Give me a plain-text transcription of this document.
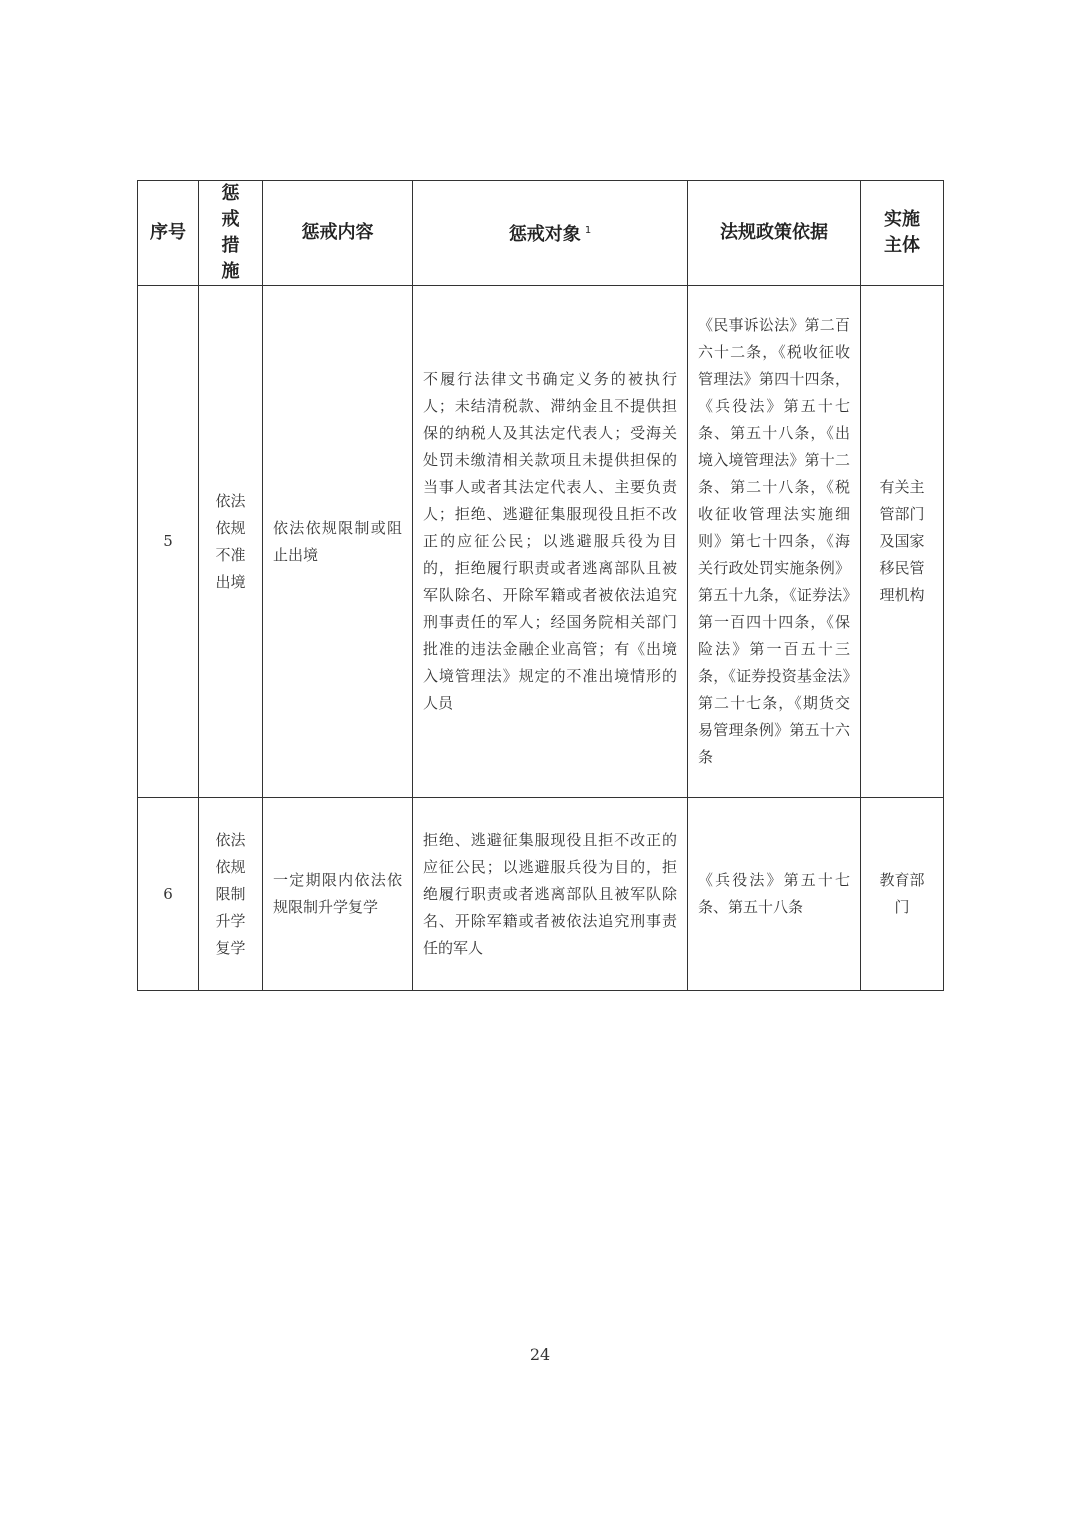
序号	惩戒措施	惩戒内容	惩戒对象 $^1$	法规政策依据	实施主体
5	依法依规不准出境	依法依规限制或阻止出境	不履行法律文书确定义务的被执行人；未结清税款、滞纳金且不提供担保的纳税人及其法定代表人；受海关处罚未缴清相关款项且未提供担保的当事人或者其法定代表人、主要负责人；拒绝、逃避征集服现役且拒不改正的应征公民；以逃避服兵役为目的，拒绝履行职责或者逃离部队且被军队除名、开除军籍或者被依法追究刑事责任的军人；经国务院相关部门批准的违法金融企业高管；有《出境入境管理法》规定的不准出境情形的人员	《民事诉讼法》第二百六十二条，《税收征收管理法》第四十四条，《兵役法》第五十七条、第五十八条，《出境入境管理法》第十二条、第二十八条，《税收征收管理法实施细则》第七十四条，《海关行政处罚实施条例》第五十九条，《证券法》第一百四十四条，《保险法》第一百五十三条，《证券投资基金法》第二十七条，《期货交易管理条例》第五十六条	有关主管部门及国家移民管理机构
6	依法依规限制升学复学	一定期限内依法依规限制升学复学	拒绝、逃避征集服现役且拒不改正的应征公民；以逃避服兵役为目的，拒绝履行职责或者逃离部队且被军队除名、开除军籍或者被依法追究刑事责任的军人	《兵役法》第五十七条、第五十八条	教育部门
24
